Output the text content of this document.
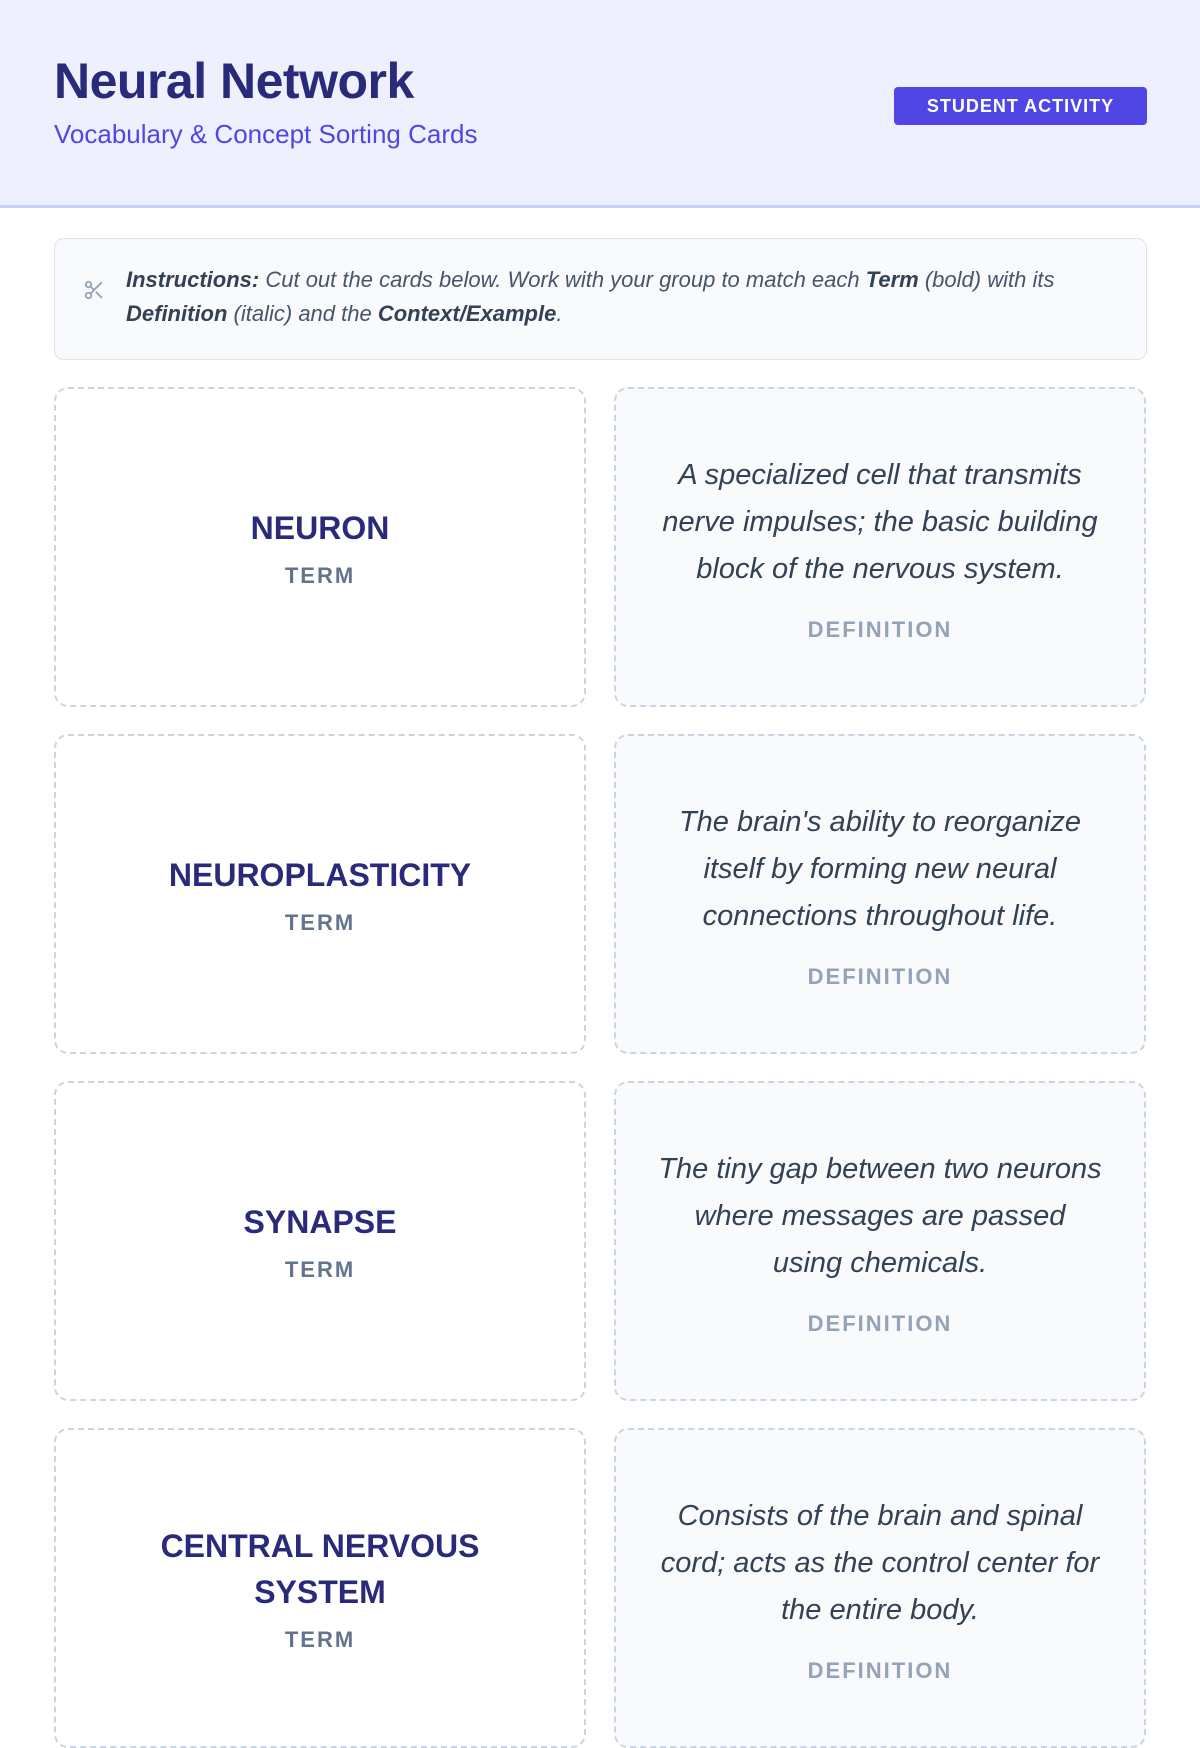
Neural Network

Vocabulary & Concept Sorting Cards

STUDENT ACTIVITY
Instructions: Cut out the cards below. Work with your group to match each Term (bold) with its Definition (italic) and the Context/Example.
NEURON
TERM
A specialized cell that transmits nerve impulses; the basic building block of the nervous system.
DEFINITION
NEUROPLASTICITY
TERM
The brain's ability to reorganize itself by forming new neural connections throughout life.
DEFINITION
SYNAPSE
TERM
The tiny gap between two neurons where messages are passed using chemicals.
DEFINITION
CENTRAL NERVOUS SYSTEM
TERM
Consists of the brain and spinal cord; acts as the control center for the entire body.
DEFINITION
